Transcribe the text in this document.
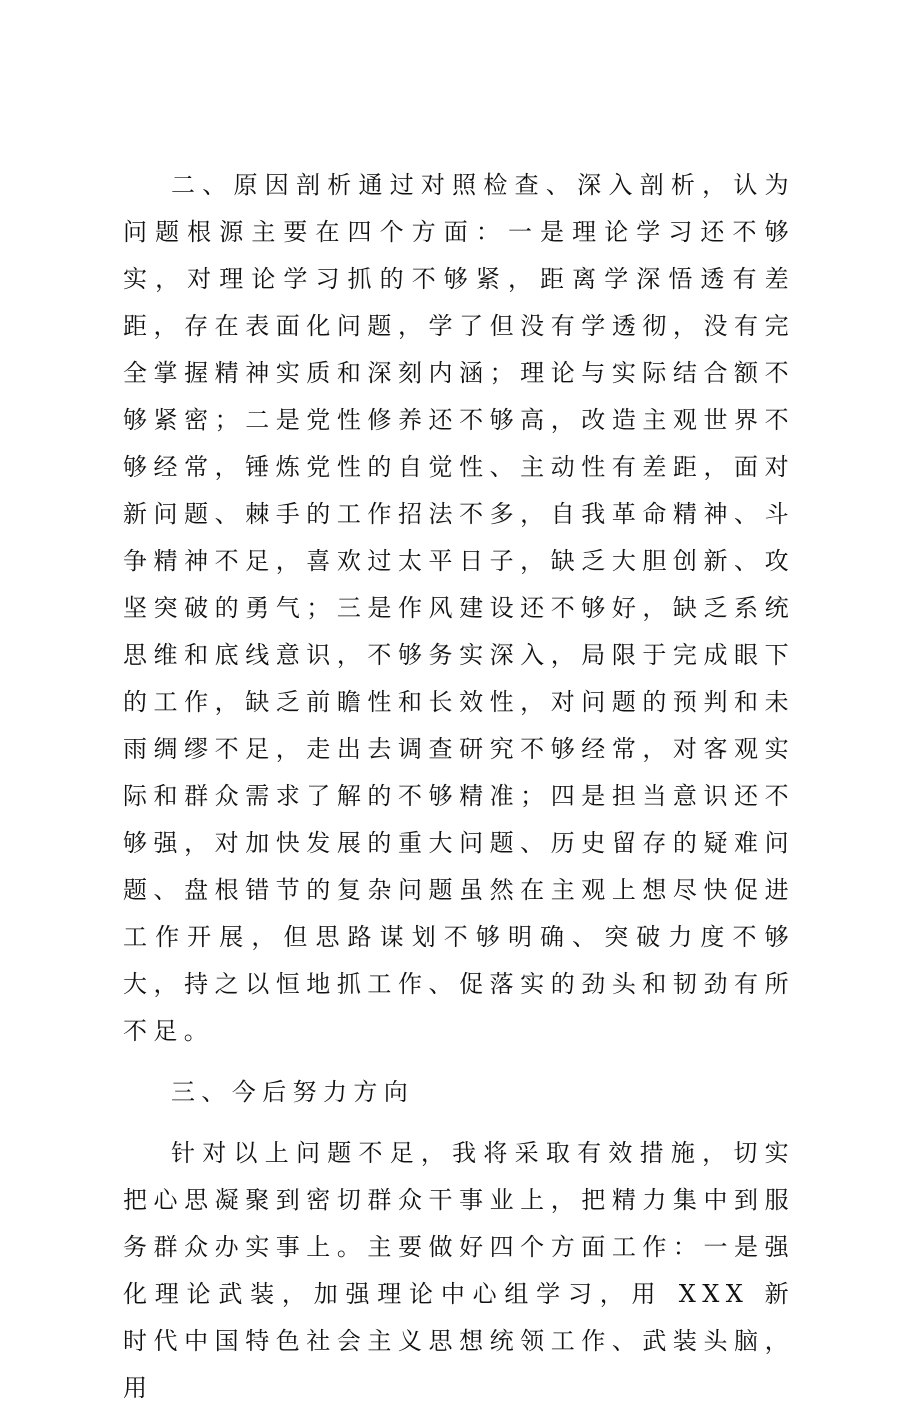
二、原因剖析通过对照检查、深入剖析，认为问题根源主要在四个方面：一是理论学习还不够实，对理论学习抓的不够紧，距离学深悟透有差距，存在表面化问题，学了但没有学透彻，没有完全掌握精神实质和深刻内涵；理论与实际结合额不够紧密；二是党性修养还不够高，改造主观世界不够经常，锤炼党性的自觉性、主动性有差距，面对新问题、棘手的工作招法不多，自我革命精神、斗争精神不足，喜欢过太平日子，缺乏大胆创新、攻坚突破的勇气；三是作风建设还不够好，缺乏系统思维和底线意识，不够务实深入，局限于完成眼下的工作，缺乏前瞻性和长效性，对问题的预判和未雨绸缪不足，走出去调查研究不够经常，对客观实际和群众需求了解的不够精准；四是担当意识还不够强，对加快发展的重大问题、历史留存的疑难问题、盘根错节的复杂问题虽然在主观上想尽快促进工作开展，但思路谋划不够明确、突破力度不够大，持之以恒地抓工作、促落实的劲头和韧劲有所不足。

三、今后努力方向

针对以上问题不足，我将采取有效措施，切实把心思凝聚到密切群众干事业上，把精力集中到服务群众办实事上。主要做好四个方面工作：一是强化理论武装，加强理论中心组学习，用 XXX 新时代中国特色社会主义思想统领工作、武装头脑，用
